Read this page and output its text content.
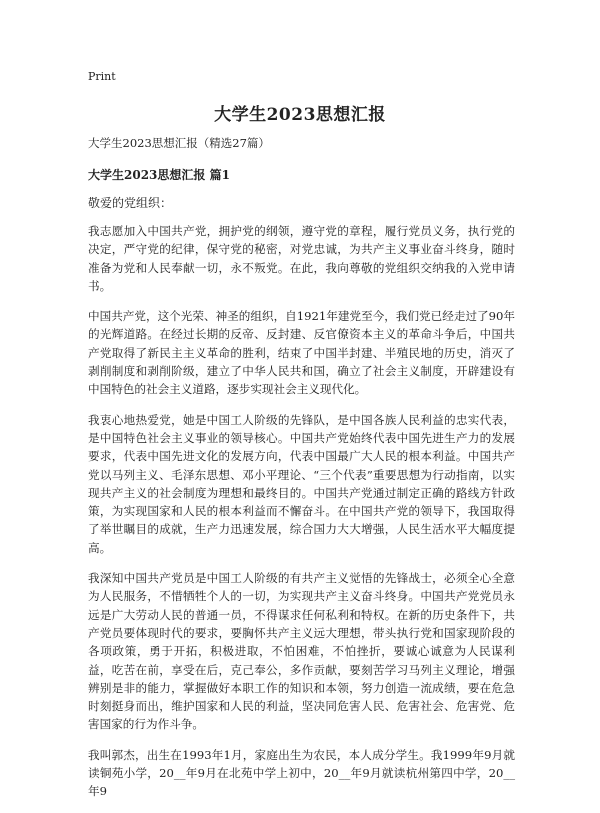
Print
大学生2023思想汇报

大学生2023思想汇报（精选27篇）

大学生2023思想汇报 篇1

敬爱的党组织：

我志愿加入中国共产党，拥护党的纲领，遵守党的章程，履行党员义务，执行党的决定，严守党的纪律，保守党的秘密，对党忠诚，为共产主义事业奋斗终身，随时准备为党和人民奉献一切，永不叛党。在此，我向尊敬的党组织交纳我的入党申请书。

中国共产党，这个光荣、神圣的组织，自1921年建党至今，我们党已经走过了90年的光辉道路。在经过长期的反帝、反封建、反官僚资本主义的革命斗争后，中国共产党取得了新民主主义革命的胜利，结束了中国半封建、半殖民地的历史，消灭了剥削制度和剥削阶级，建立了中华人民共和国，确立了社会主义制度，开辟建设有中国特色的社会主义道路，逐步实现社会主义现代化。

我衷心地热爱党，她是中国工人阶级的先锋队，是中国各族人民利益的忠实代表，是中国特色社会主义事业的领导核心。中国共产党始终代表中国先进生产力的发展要求，代表中国先进文化的发展方向，代表中国最广大人民的根本利益。中国共产党以马列主义、毛泽东思想、邓小平理论、“三个代表”重要思想为行动指南，以实现共产主义的社会制度为理想和最终目的。中国共产党通过制定正确的路线方针政策，为实现国家和人民的根本利益而不懈奋斗。在中国共产党的领导下，我国取得了举世瞩目的成就，生产力迅速发展，综合国力大大增强，人民生活水平大幅度提高。

我深知中国共产党员是中国工人阶级的有共产主义觉悟的先锋战士，必须全心全意为人民服务，不惜牺牲个人的一切，为实现共产主义奋斗终身。中国共产党党员永远是广大劳动人民的普通一员，不得谋求任何私利和特权。在新的历史条件下，共产党员要体现时代的要求，要胸怀共产主义远大理想，带头执行党和国家现阶段的各项政策，勇于开拓，积极进取，不怕困难，不怕挫折，要诚心诚意为人民谋利益，吃苦在前，享受在后，克己奉公，多作贡献，要刻苦学习马列主义理论，增强辨别是非的能力，掌握做好本职工作的知识和本领，努力创造一流成绩，要在危急时刻挺身而出，维护国家和人民的利益，坚决同危害人民、危害社会、危害党、危害国家的行为作斗争。

我叫郭杰，出生在1993年1月，家庭出生为农民，本人成分学生。我1999年9月就读铜苑小学，20__年9月在北苑中学上初中，20__年9月就读杭州第四中学，20__年9
